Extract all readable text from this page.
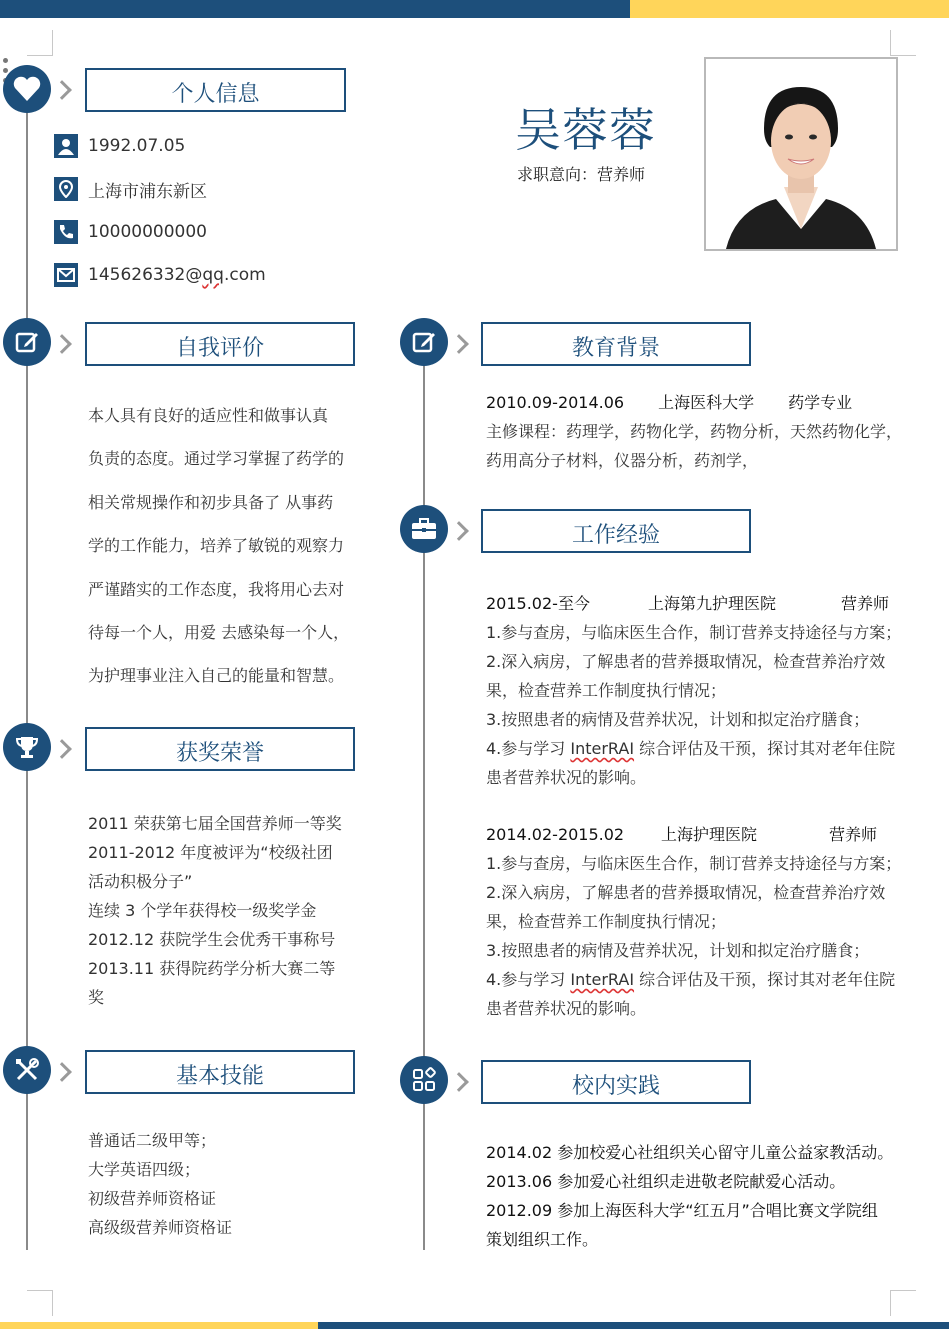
个人信息
1992.07.05
上海市浦东新区
10000000000
145626332@qq.com
吴蓉蓉
求职意向：营养师
自我评价
本人具有良好的适应性和做事认真
负责的态度。通过学习掌握了药学的
相关常规操作和初步具备了 从事药
学的工作能力，培养了敏锐的观察力
严谨踏实的工作态度，我将用心去对
待每一个人，用爱 去感染每一个人，
为护理事业注入自己的能量和智慧。
获奖荣誉
2011 荣获第七届全国营养师一等奖
2011-2012 年度被评为“校级社团
活动积极分子”
连续 3 个学年获得校一级奖学金
2012.12 获院学生会优秀干事称号
2013.11 获得院药学分析大赛二等
奖
基本技能
普通话二级甲等；
大学英语四级；
初级营养师资格证
高级级营养师资格证
教育背景
2010.09-2014.06 上海医科大学 药学专业
主修课程：药理学，药物化学，药物分析，天然药物化学，
药用高分子材料，仪器分析，药剂学，
工作经验
2015.02-至今	上海第九护理医院	营养师
1.参与查房，与临床医生合作，制订营养支持途径与方案；
2.深入病房，了解患者的营养摄取情况，检查营养治疗效
果，检查营养工作制度执行情况；
3.按照患者的病情及营养状况，计划和拟定治疗膳食；
4.参与学习 InterRAI 综合评估及干预，探讨其对老年住院
患者营养状况的影响。
2014.02-2015.02 上海护理医院	营养师
1.参与查房，与临床医生合作，制订营养支持途径与方案；
2.深入病房，了解患者的营养摄取情况，检查营养治疗效
果，检查营养工作制度执行情况；
3.按照患者的病情及营养状况，计划和拟定治疗膳食；
4.参与学习 InterRAI 综合评估及干预，探讨其对老年住院
患者营养状况的影响。
校内实践
2014.02 参加校爱心社组织关心留守儿童公益家教活动。
2013.06 参加爱心社组织走进敬老院献爱心活动。
2012.09 参加上海医科大学“红五月”合唱比赛文学院组
策划组织工作。
